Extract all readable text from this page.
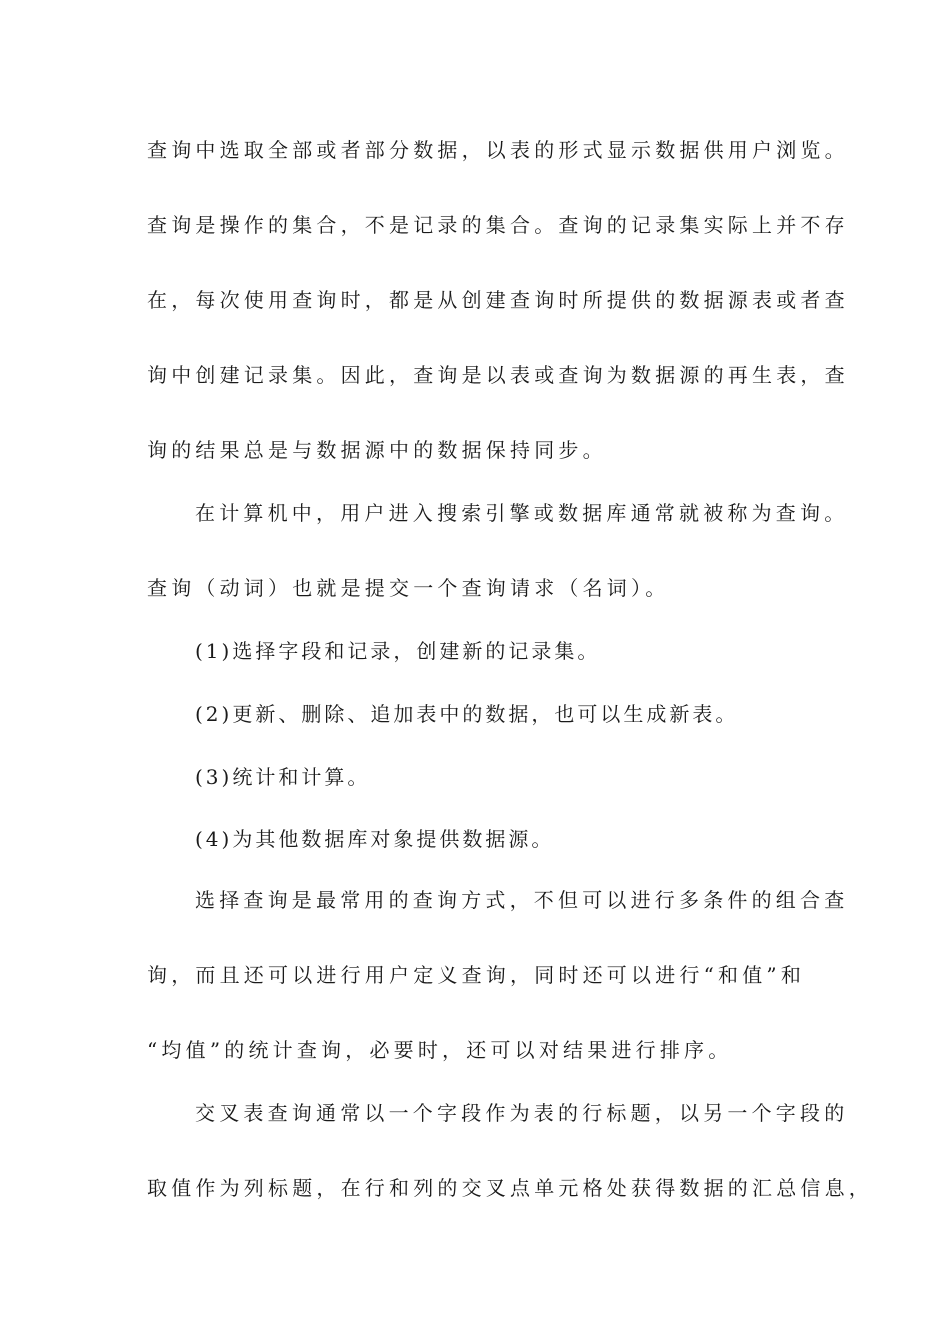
查询中选取全部或者部分数据，以表的形式显示数据供用户浏览。
查询是操作的集合，不是记录的集合。查询的记录集实际上并不存
在，每次使用查询时，都是从创建查询时所提供的数据源表或者查
询中创建记录集。因此，查询是以表或查询为数据源的再生表，查
询的结果总是与数据源中的数据保持同步。
在计算机中，用户进入搜索引擎或数据库通常就被称为查询。
查询（动词）也就是提交一个查询请求（名词）。
(1)选择字段和记录，创建新的记录集。
(2)更新、删除、追加表中的数据，也可以生成新表。
(3)统计和计算。
(4)为其他数据库对象提供数据源。
选择查询是最常用的查询方式，不但可以进行多条件的组合查
询，而且还可以进行用户定义查询，同时还可以进行“和值”和
“均值”的统计查询，必要时，还可以对结果进行排序。
交叉表查询通常以一个字段作为表的行标题，以另一个字段的
取值作为列标题，在行和列的交叉点单元格处获得数据的汇总信息，
